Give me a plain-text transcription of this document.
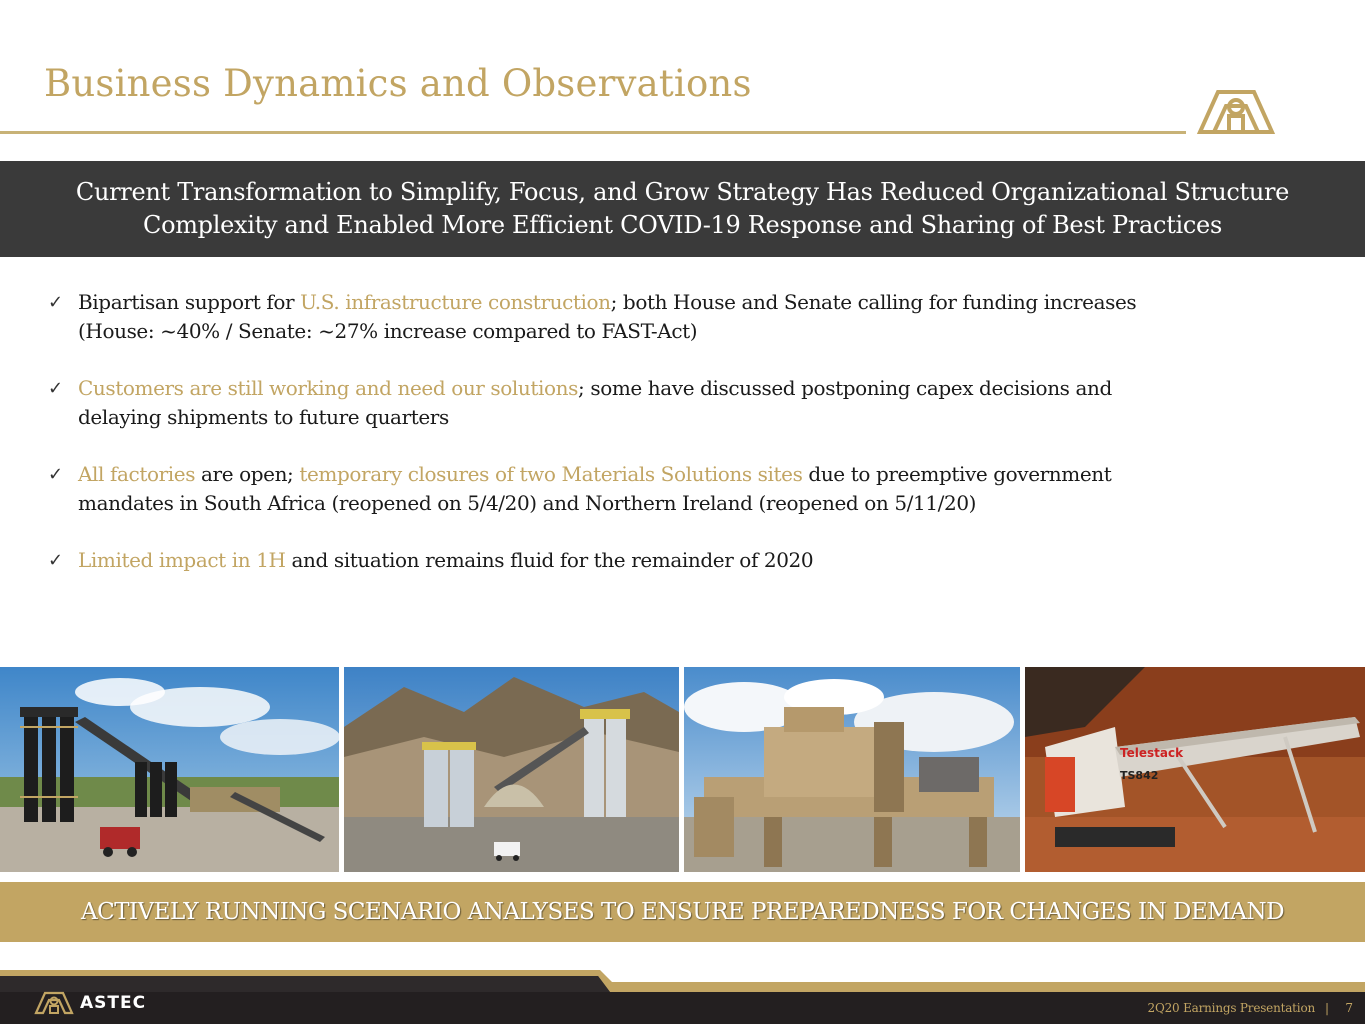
Business Dynamics and Observations
Current Transformation to Simplify, Focus, and Grow Strategy Has Reduced Organizational Structure
Complexity and Enabled More Efficient COVID-19 Response and Sharing of Best Practices
✓ Bipartisan support for U.S. infrastructure construction; both House and Senate calling for funding increases
(House: ~40% / Senate: ~27% increase compared to FAST-Act)
✓ Customers are still working and need our solutions; some have discussed postponing capex decisions and
delaying shipments to future quarters
✓ All factories are open; temporary closures of two Materials Solutions sites due to preemptive government
mandates in South Africa (reopened on 5/4/20) and Northern Ireland (reopened on 5/11/20)
✓ Limited impact in 1H and situation remains fluid for the remainder of 2020
Telestack
TS842
ACTIVELY RUNNING SCENARIO ANALYSES TO ENSURE PREPAREDNESS FOR CHANGES IN DEMAND
ASTEC	2Q20 Earnings Presentation | 7
